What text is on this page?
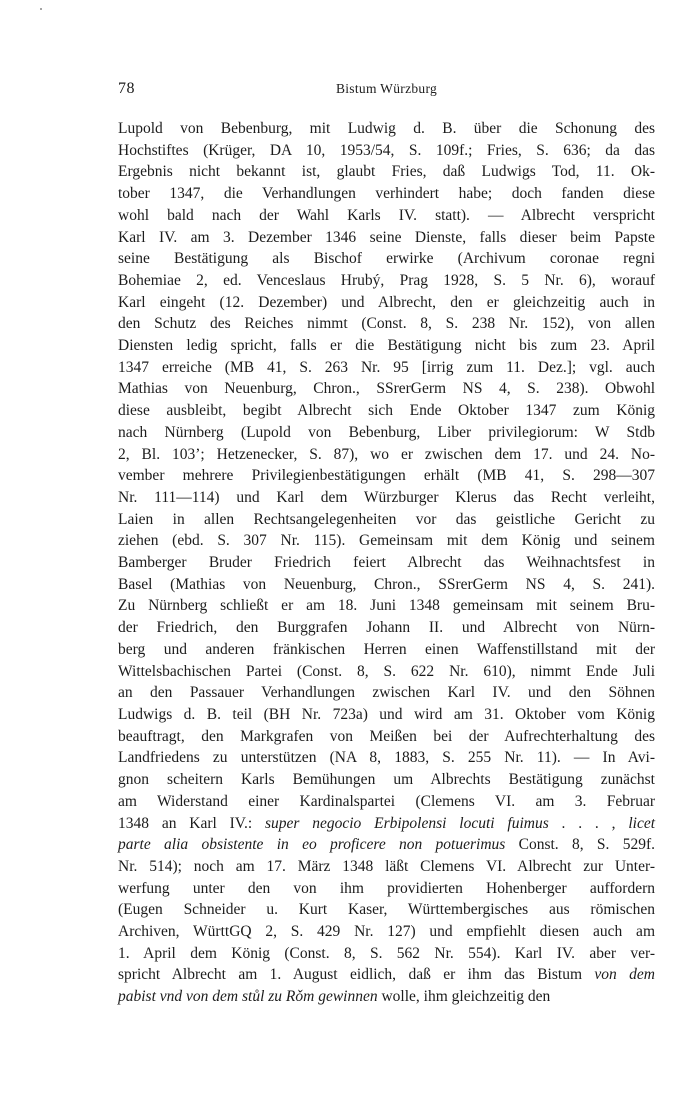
78	Bistum Würzburg
Lupold von Bebenburg, mit Ludwig d. B. über die Schonung des
Hochstiftes (Krüger, DA 10, 1953/54, S. 109f.; Fries, S. 636; da das
Ergebnis nicht bekannt ist, glaubt Fries, daß Ludwigs Tod, 11. Ok-
tober 1347, die Verhandlungen verhindert habe; doch fanden diese
wohl bald nach der Wahl Karls IV. statt). — Albrecht verspricht
Karl IV. am 3. Dezember 1346 seine Dienste, falls dieser beim Papste
seine Bestätigung als Bischof erwirke (Archivum coronae regni
Bohemiae 2, ed. Venceslaus Hrubý, Prag 1928, S. 5 Nr. 6), worauf
Karl eingeht (12. Dezember) und Albrecht, den er gleichzeitig auch in
den Schutz des Reiches nimmt (Const. 8, S. 238 Nr. 152), von allen
Diensten ledig spricht, falls er die Bestätigung nicht bis zum 23. April
1347 erreiche (MB 41, S. 263 Nr. 95 [irrig zum 11. Dez.]; vgl. auch
Mathias von Neuenburg, Chron., SSrerGerm NS 4, S. 238). Obwohl
diese ausbleibt, begibt Albrecht sich Ende Oktober 1347 zum König
nach Nürnberg (Lupold von Bebenburg, Liber privilegiorum: W Stdb
2, Bl. 103’; Hetzenecker, S. 87), wo er zwischen dem 17. und 24. No-
vember mehrere Privilegienbestätigungen erhält (MB 41, S. 298—307
Nr. 111—114) und Karl dem Würzburger Klerus das Recht verleiht,
Laien in allen Rechtsangelegenheiten vor das geistliche Gericht zu
ziehen (ebd. S. 307 Nr. 115). Gemeinsam mit dem König und seinem
Bamberger Bruder Friedrich feiert Albrecht das Weihnachtsfest in
Basel (Mathias von Neuenburg, Chron., SSrerGerm NS 4, S. 241).
Zu Nürnberg schließt er am 18. Juni 1348 gemeinsam mit seinem Bru-
der Friedrich, den Burggrafen Johann II. und Albrecht von Nürn-
berg und anderen fränkischen Herren einen Waffenstillstand mit der
Wittelsbachischen Partei (Const. 8, S. 622 Nr. 610), nimmt Ende Juli
an den Passauer Verhandlungen zwischen Karl IV. und den Söhnen
Ludwigs d. B. teil (BH Nr. 723a) und wird am 31. Oktober vom König
beauftragt, den Markgrafen von Meißen bei der Aufrechterhaltung des
Landfriedens zu unterstützen (NA 8, 1883, S. 255 Nr. 11). — In Avi-
gnon scheitern Karls Bemühungen um Albrechts Bestätigung zunächst
am Widerstand einer Kardinalspartei (Clemens VI. am 3. Februar
1348 an Karl IV.: super negocio Erbipolensi locuti fuimus . . . , licet
parte alia obsistente in eo proficere non potuerimus Const. 8, S. 529f.
Nr. 514); noch am 17. März 1348 läßt Clemens VI. Albrecht zur Unter-
werfung unter den von ihm providierten Hohenberger auffordern
(Eugen Schneider u. Kurt Kaser, Württembergisches aus römischen
Archiven, WürttGQ 2, S. 429 Nr. 127) und empfiehlt diesen auch am
1. April dem König (Const. 8, S. 562 Nr. 554). Karl IV. aber ver-
spricht Albrecht am 1. August eidlich, daß er ihm das Bistum von dem
pabist vnd von dem stůl zu Rǒm gewinnen wolle, ihm gleichzeitig den
